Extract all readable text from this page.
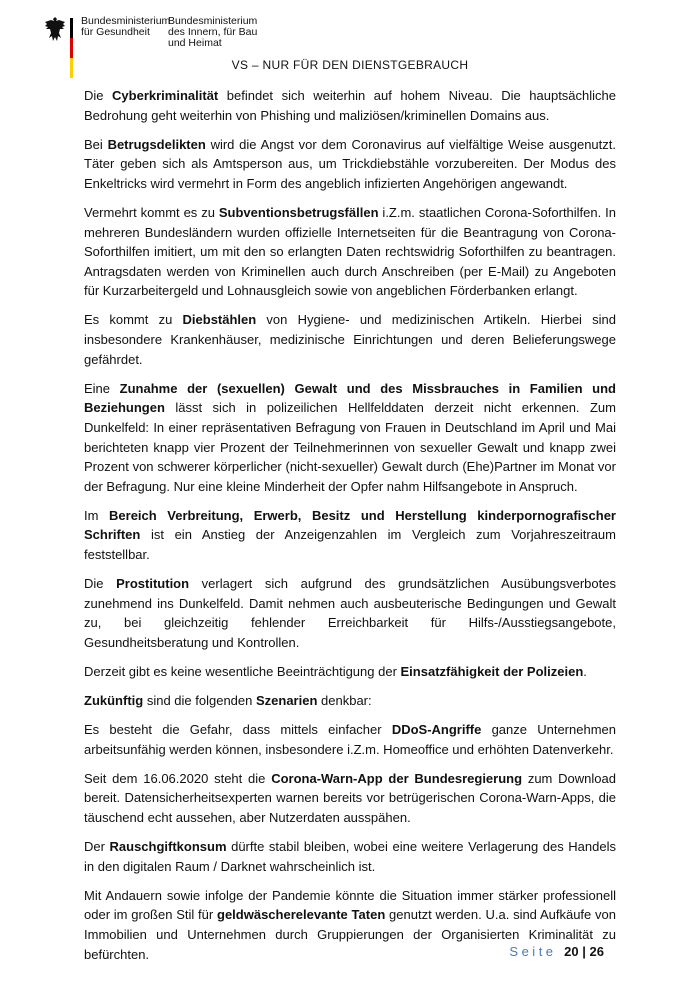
Bundesministerium
für Gesundheit
Bundesministerium
des Innern, für Bau
und Heimat
VS – NUR FÜR DEN DIENSTGEBRAUCH

Die Cyberkriminalität befindet sich weiterhin auf hohem Niveau. Die hauptsächliche Bedrohung geht weiterhin von Phishing und maliziösen/kriminellen Domains aus.

Bei Betrugsdelikten wird die Angst vor dem Coronavirus auf vielfältige Weise ausgenutzt. Täter geben sich als Amtsperson aus, um Trickdiebstähle vorzubereiten. Der Modus des Enkeltricks wird vermehrt in Form des angeblich infizierten Angehörigen angewandt.

Vermehrt kommt es zu Subventionsbetrugsfällen i.Z.m. staatlichen Corona-Soforthilfen. In mehreren Bundesländern wurden offizielle Internetseiten für die Beantragung von Corona-Soforthilfen imitiert, um mit den so erlangten Daten rechtswidrig Soforthilfen zu beantragen. Antragsdaten werden von Kriminellen auch durch Anschreiben (per E-Mail) zu Angeboten für Kurzarbeitergeld und Lohnausgleich sowie von angeblichen Förderbanken erlangt.

Es kommt zu Diebstählen von Hygiene- und medizinischen Artikeln. Hierbei sind insbesondere Krankenhäuser, medizinische Einrichtungen und deren Belieferungswege gefährdet.

Eine Zunahme der (sexuellen) Gewalt und des Missbrauches in Familien und Beziehungen lässt sich in polizeilichen Hellfelddaten derzeit nicht erkennen. Zum Dunkelfeld: In einer repräsentativen Befragung von Frauen in Deutschland im April und Mai berichteten knapp vier Prozent der Teilnehmerinnen von sexueller Gewalt und knapp zwei Prozent von schwerer körperlicher (nicht-sexueller) Gewalt durch (Ehe)Partner im Monat vor der Befragung. Nur eine kleine Minderheit der Opfer nahm Hilfsangebote in Anspruch.

Im Bereich Verbreitung, Erwerb, Besitz und Herstellung kinderpornografischer Schriften ist ein Anstieg der Anzeigenzahlen im Vergleich zum Vorjahreszeitraum feststellbar.

Die Prostitution verlagert sich aufgrund des grundsätzlichen Ausübungsverbotes zunehmend ins Dunkelfeld. Damit nehmen auch ausbeuterische Bedingungen und Gewalt zu, bei gleichzeitig fehlender Erreichbarkeit für Hilfs-/Ausstiegsangebote, Gesundheitsberatung und Kontrollen.

Derzeit gibt es keine wesentliche Beeinträchtigung der Einsatzfähigkeit der Polizeien.

Zukünftig sind die folgenden Szenarien denkbar:

Es besteht die Gefahr, dass mittels einfacher DDoS-Angriffe ganze Unternehmen arbeitsunfähig werden können, insbesondere i.Z.m. Homeoffice und erhöhten Datenverkehr.

Seit dem 16.06.2020 steht die Corona-Warn-App der Bundesregierung zum Download bereit. Datensicherheitsexperten warnen bereits vor betrügerischen Corona-Warn-Apps, die täuschend echt aussehen, aber Nutzerdaten ausspähen.

Der Rauschgiftkonsum dürfte stabil bleiben, wobei eine weitere Verlagerung des Handels in den digitalen Raum / Darknet wahrscheinlich ist.

Mit Andauern sowie infolge der Pandemie könnte die Situation immer stärker professionell oder im großen Stil für geldwäscherelevante Taten genutzt werden. U.a. sind Aufkäufe von Immobilien und Unternehmen durch Gruppierungen der Organisierten Kriminalität zu befürchten.	Seite 20 | 26
